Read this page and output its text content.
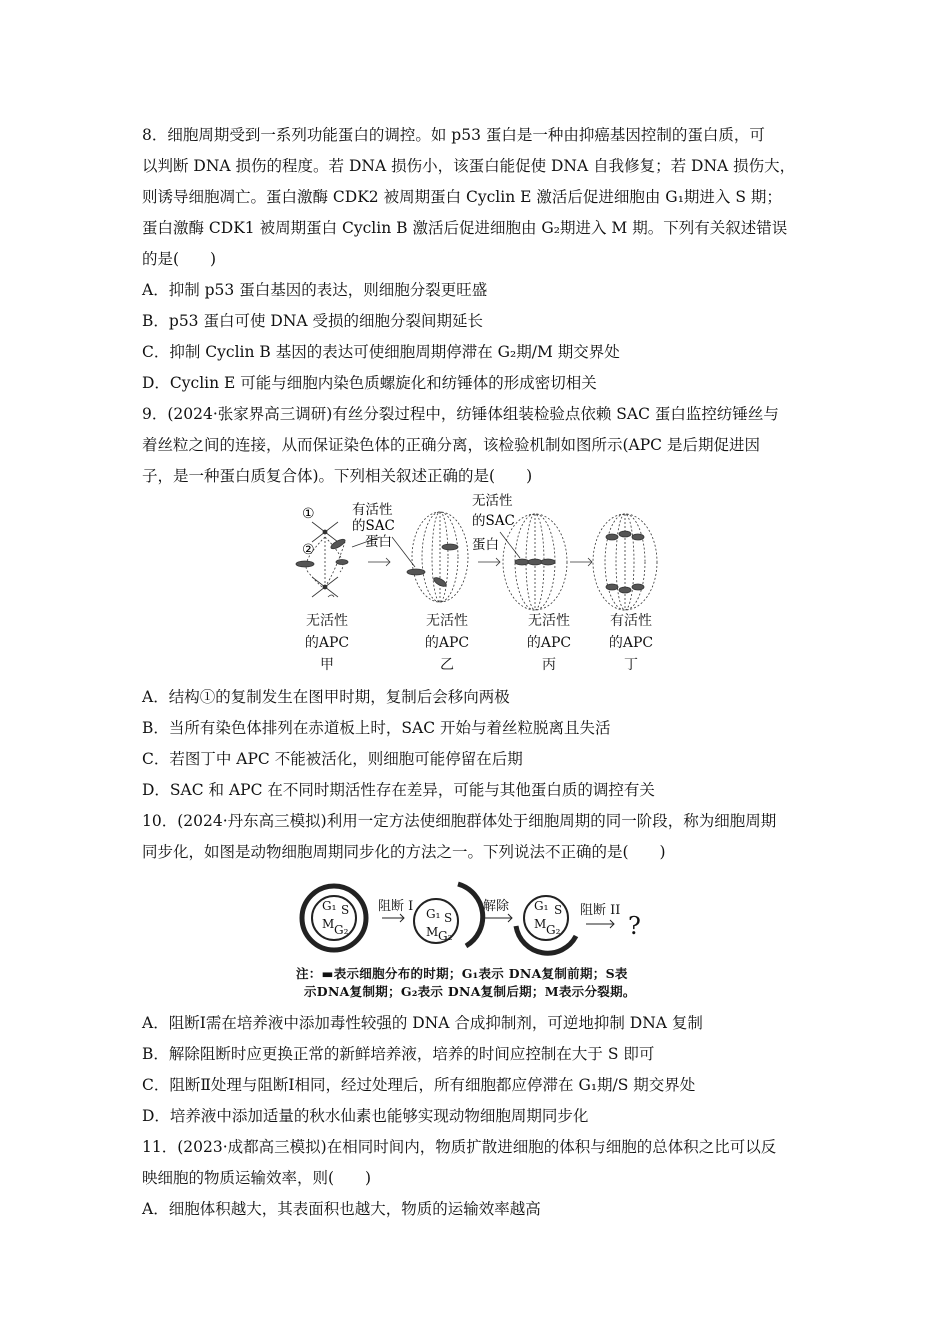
8．细胞周期受到一系列功能蛋白的调控。如 p53 蛋白是一种由抑癌基因控制的蛋白质，可
以判断 DNA 损伤的程度。若 DNA 损伤小，该蛋白能促使 DNA 自我修复；若 DNA 损伤大，
则诱导细胞凋亡。蛋白激酶 CDK2 被周期蛋白 Cyclin E 激活后促进细胞由 G₁期进入 S 期；
蛋白激酶 CDK1 被周期蛋白 Cyclin B 激活后促进细胞由 G₂期进入 M 期。下列有关叙述错误
的是(　　)
A．抑制 p53 蛋白基因的表达，则细胞分裂更旺盛
B．p53 蛋白可使 DNA 受损的细胞分裂间期延长
C．抑制 Cyclin B 基因的表达可使细胞周期停滞在 G₂期/M 期交界处
D．Cyclin E 可能与细胞内染色质螺旋化和纺锤体的形成密切相关
9．(2024·张家界高三调研)有丝分裂过程中，纺锤体组装检验点依赖 SAC 蛋白监控纺锤丝与
着丝粒之间的连接，从而保证染色体的正确分离，该检验机制如图所示(APC 是后期促进因
子，是一种蛋白质复合体)。下列相关叙述正确的是(　　)
①
②
有活性
的SAC
蛋白
无活性
的SAC
蛋白
无活性
的APC
甲
无活性
的APC
乙
无活性
的APC
丙
有活性
的APC
丁
A．结构①的复制发生在图甲时期，复制后会移向两极
B．当所有染色体排列在赤道板上时，SAC 开始与着丝粒脱离且失活
C．若图丁中 APC 不能被活化，则细胞可能停留在后期
D．SAC 和 APC 在不同时期活性存在差异，可能与其他蛋白质的调控有关
10．(2024·丹东高三模拟)利用一定方法使细胞群体处于细胞周期的同一阶段，称为细胞周期
同步化，如图是动物细胞周期同步化的方法之一。下列说法不正确的是(　　)
G₁ S
M G₂
G₁ S
M G₂
G₁ S
M G₂
阻断 I	解除	阻断 II
?
注：▬表示细胞分布的时期；G₁表示 DNA复制前期；S表
示DNA复制期；G₂表示 DNA复制后期；M表示分裂期。
A．阻断Ⅰ需在培养液中添加毒性较强的 DNA 合成抑制剂，可逆地抑制 DNA 复制
B．解除阻断时应更换正常的新鲜培养液，培养的时间应控制在大于 S 即可
C．阻断Ⅱ处理与阻断Ⅰ相同，经过处理后，所有细胞都应停滞在 G₁期/S 期交界处
D．培养液中添加适量的秋水仙素也能够实现动物细胞周期同步化
11．(2023·成都高三模拟)在相同时间内，物质扩散进细胞的体积与细胞的总体积之比可以反
映细胞的物质运输效率，则(　　)
A．细胞体积越大，其表面积也越大，物质的运输效率越高
